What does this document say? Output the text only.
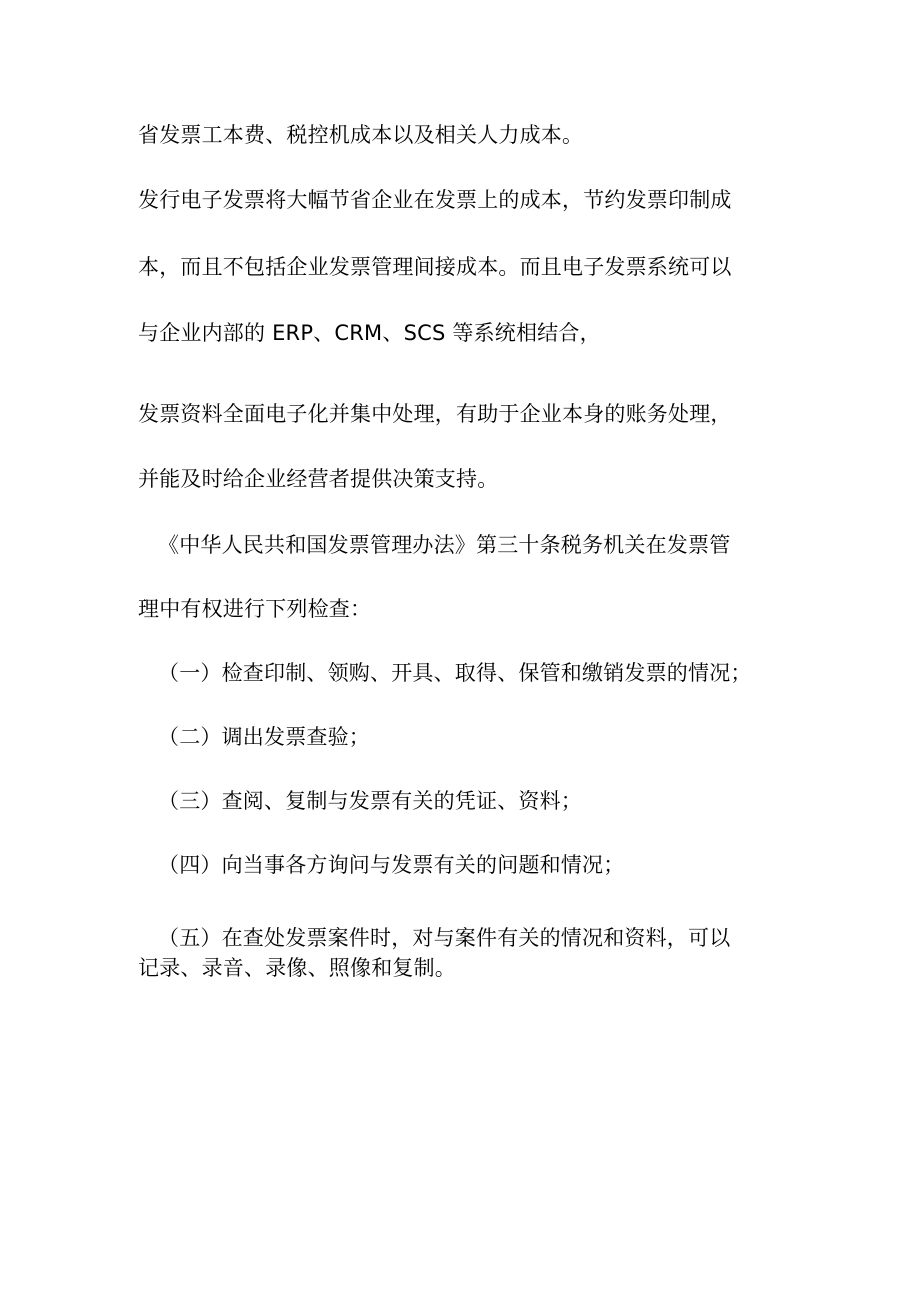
省发票工本费、税控机成本以及相关人力成本。
发行电子发票将大幅节省企业在发票上的成本，节约发票印制成
本，而且不包括企业发票管理间接成本。而且电子发票系统可以
与企业内部的 ERP、CRM、SCS 等系统相结合，
发票资料全面电子化并集中处理，有助于企业本身的账务处理，
并能及时给企业经营者提供决策支持。
《中华人民共和国发票管理办法》第三十条税务机关在发票管
理中有权进行下列检查：
（一）检查印制、领购、开具、取得、保管和缴销发票的情况；
（二）调出发票查验；
（三）查阅、复制与发票有关的凭证、资料；
（四）向当事各方询问与发票有关的问题和情况；
（五）在查处发票案件时，对与案件有关的情况和资料，可以
记录、录音、录像、照像和复制。
